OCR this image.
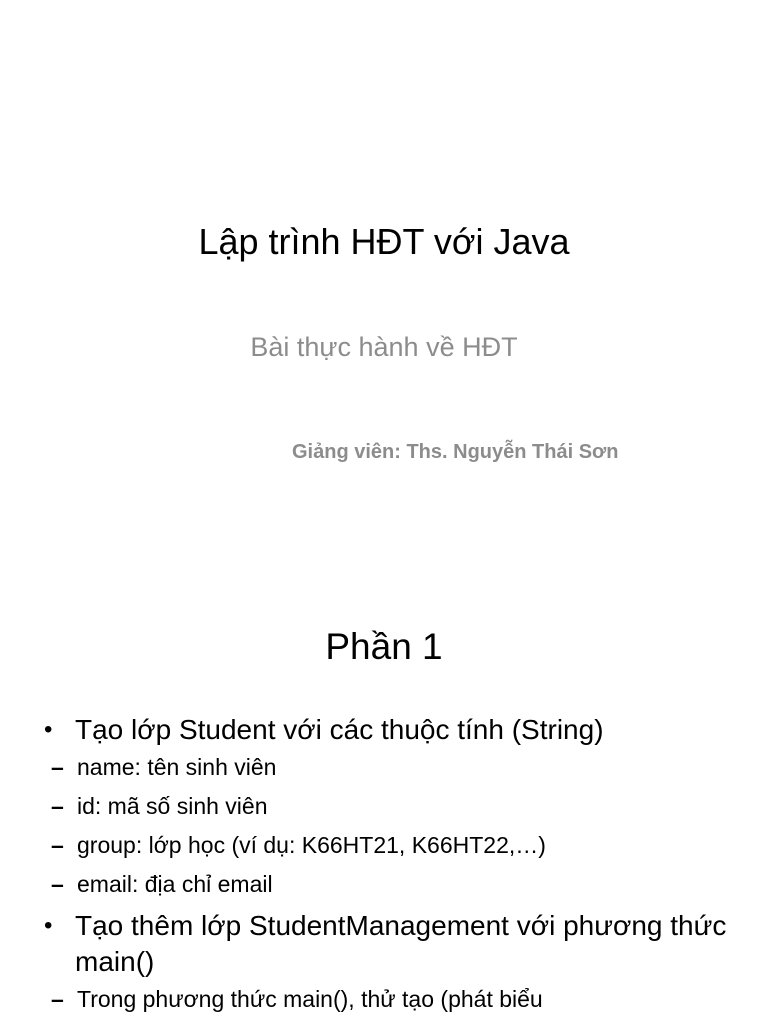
Lập trình HĐT với Java

Bài thực hành về HĐT

Giảng viên: Ths. Nguyễn Thái Sơn

Phần 1
• Tạo lớp Student với các thuộc tính (String)
– name: tên sinh viên
– id: mã số sinh viên
– group: lớp học (ví dụ: K66HT21, K66HT22,…)
– email: địa chỉ email
• Tạo thêm lớp StudentManagement với phương thức main()
– Trong phương thức main(), thử tạo (phát biểu
